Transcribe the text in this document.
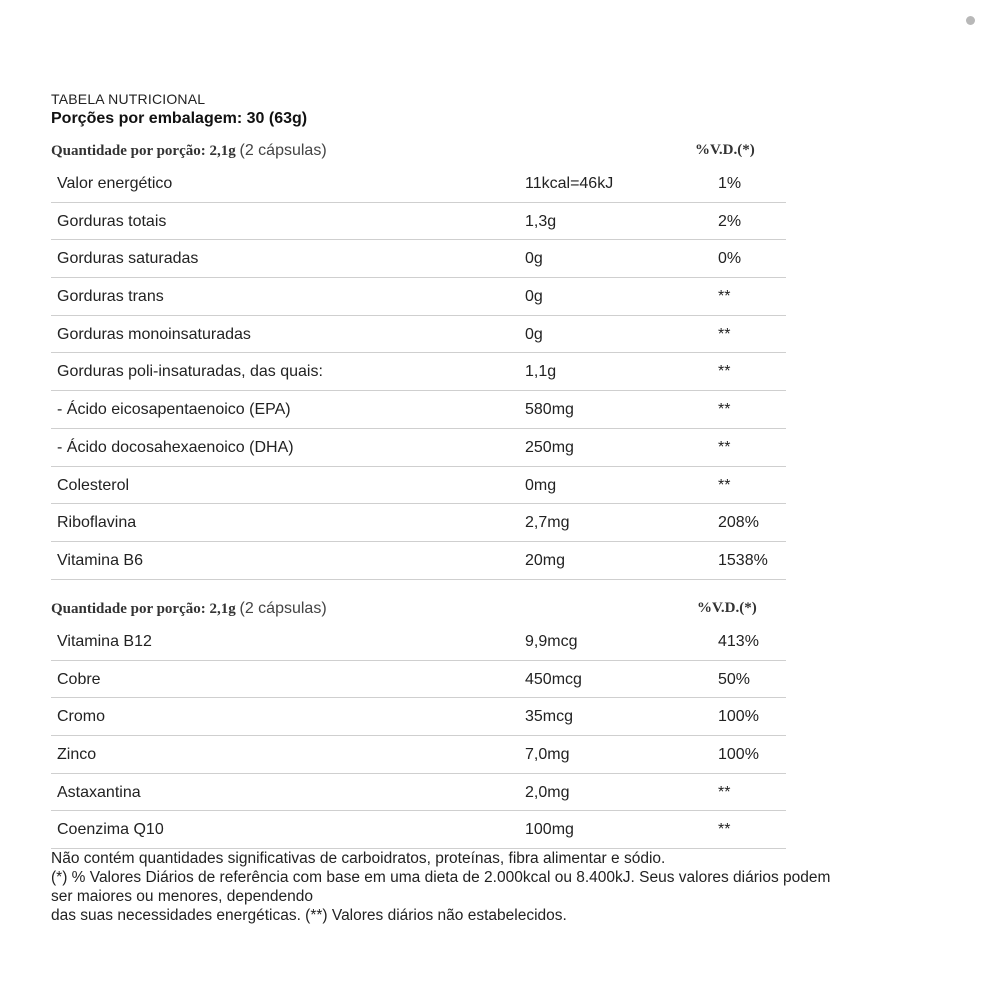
TABELA NUTRICIONAL
Porções por embalagem: 30 (63g)
Quantidade por porção: 2,1g (2 cápsulas)	%V.D.(*)
Valor energético	11kcal=46kJ	1%
Gorduras totais	1,3g	2%
Gorduras saturadas	0g	0%
Gorduras trans	0g	**
Gorduras monoinsaturadas	0g	**
Gorduras poli-insaturadas, das quais:	1,1g	**
- Ácido eicosapentaenoico (EPA)	580mg	**
- Ácido docosahexaenoico (DHA)	250mg	**
Colesterol	0mg	**
Riboflavina	2,7mg	208%
Vitamina B6	20mg	1538%
Quantidade por porção: 2,1g (2 cápsulas)	%V.D.(*)
Vitamina B12	9,9mcg	413%
Cobre	450mcg	50%
Cromo	35mcg	100%
Zinco	7,0mg	100%
Astaxantina	2,0mg	**
Coenzima Q10	100mg	**
Não contém quantidades significativas de carboidratos, proteínas, fibra alimentar e sódio.
(*) % Valores Diários de referência com base em uma dieta de 2.000kcal ou 8.400kJ. Seus valores diários podem
ser maiores ou menores, dependendo
das suas necessidades energéticas. (**) Valores diários não estabelecidos.
